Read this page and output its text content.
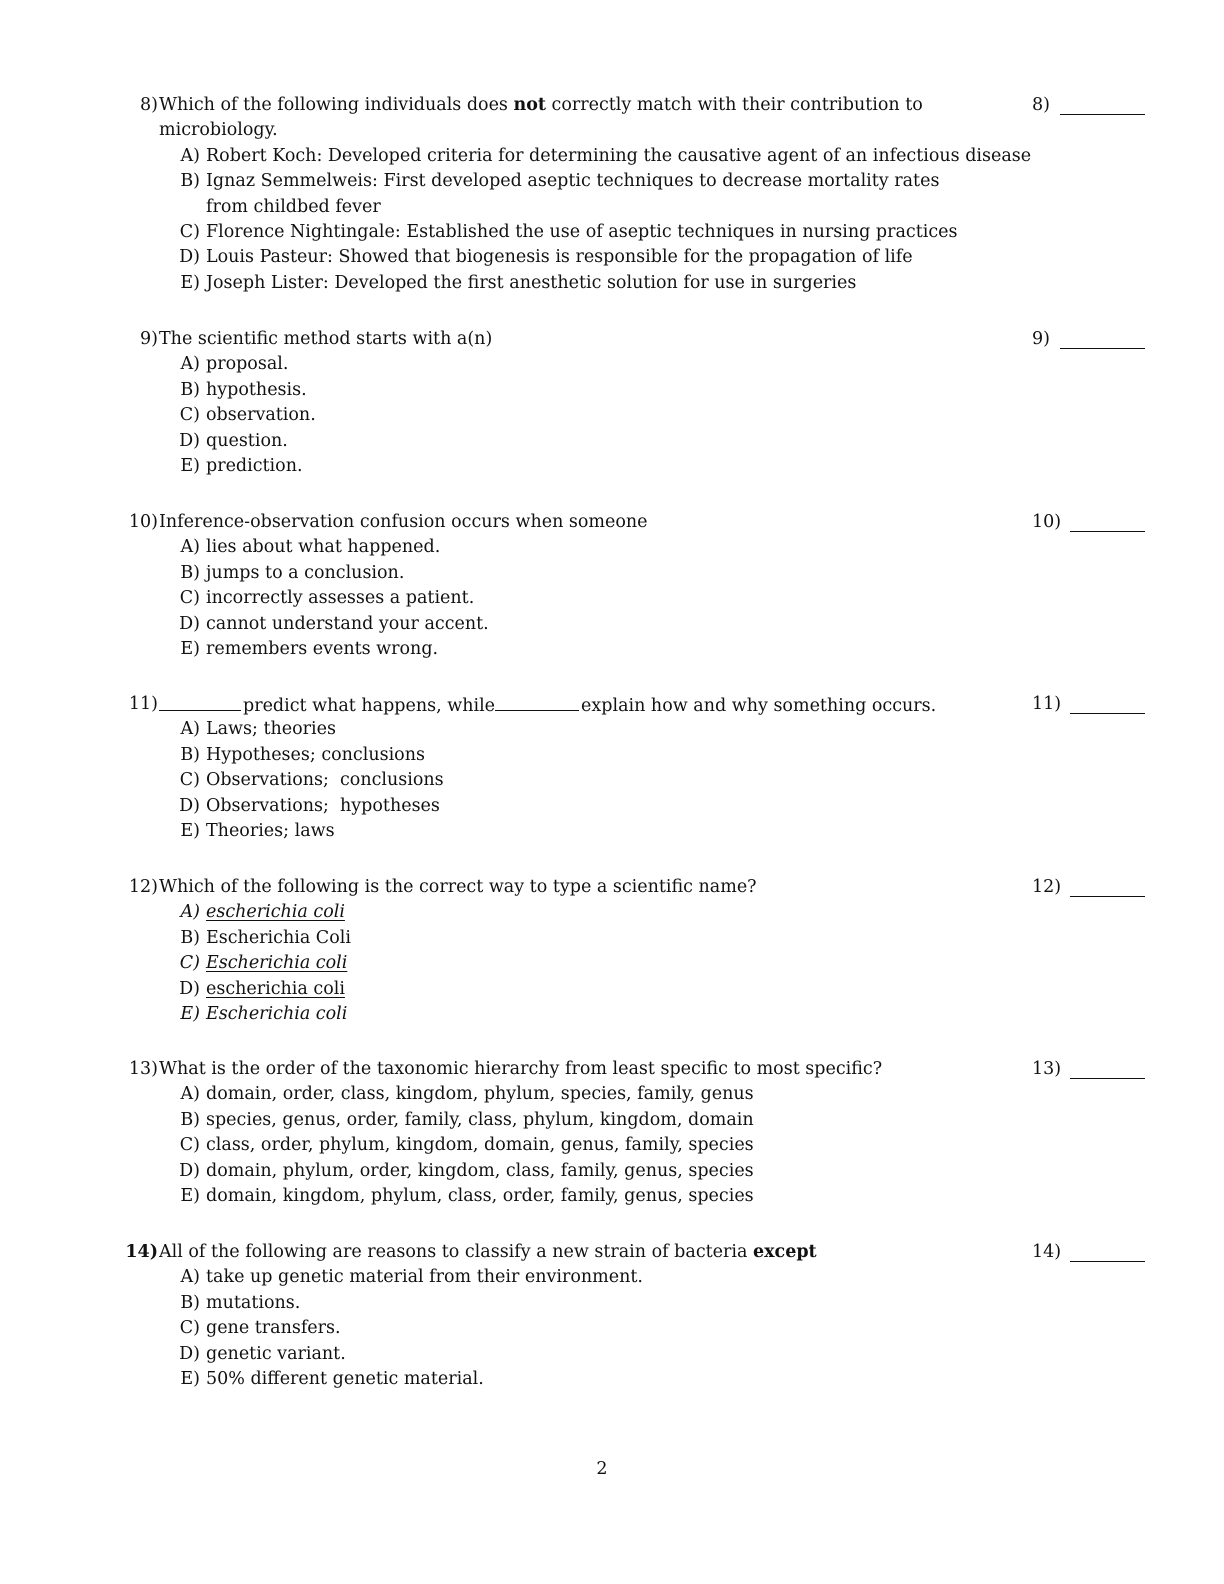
8) Which of the following individuals does not correctly match with their contribution to	8)
microbiology.
A) Robert Koch: Developed criteria for determining the causative agent of an infectious disease
B) Ignaz Semmelweis: First developed aseptic techniques to decrease mortality rates from childbed fever
C) Florence Nightingale: Established the use of aseptic techniques in nursing practices
D) Louis Pasteur: Showed that biogenesis is responsible for the propagation of life
E) Joseph Lister: Developed the first anesthetic solution for use in surgeries
9) The scientific method starts with a(n)	9)
A) proposal.
B) hypothesis.
C) observation.
D) question.
E) prediction.
10) Inference-observation confusion occurs when someone	10)
A) lies about what happened.
B) jumps to a conclusion.
C) incorrectly assesses a patient.
D) cannot understand your accent.
E) remembers events wrong.
11)	predict what happens, while	explain how and why something occurs.	11)
A) Laws; theories
B) Hypotheses; conclusions
C) Observations;  conclusions
D) Observations;  hypotheses
E) Theories; laws
12) Which of the following is the correct way to type a scientific name?	12)
A) escherichia coli
B) Escherichia Coli
C) Escherichia coli
D) escherichia coli
E) Escherichia coli
13) What is the order of the taxonomic hierarchy from least specific to most specific?	13)
A) domain, order, class, kingdom, phylum, species, family, genus
B) species, genus, order, family, class, phylum, kingdom, domain
C) class, order, phylum, kingdom, domain, genus, family, species
D) domain, phylum, order, kingdom, class, family, genus, species
E) domain, kingdom, phylum, class, order, family, genus, species
14) All of the following are reasons to classify a new strain of bacteria except	14)
A) take up genetic material from their environment.
B) mutations.
C) gene transfers.
D) genetic variant.
E) 50% different genetic material.
2
